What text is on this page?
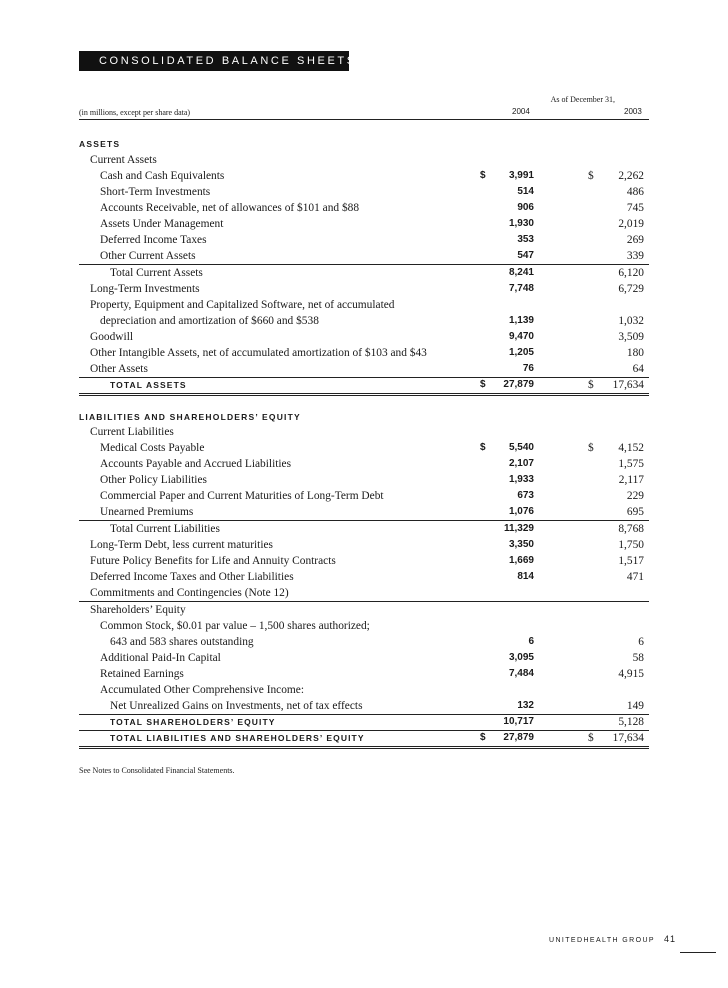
CONSOLIDATED BALANCE SHEETS
As of December 31,
(in millions, except per share data)	2004	2003
ASSETS
Current Assets
Cash and Cash Equivalents	$ 3,991	$ 2,262
Short-Term Investments	514	486
Accounts Receivable, net of allowances of $101 and $88	906	745
Assets Under Management	1,930	2,019
Deferred Income Taxes	353	269
Other Current Assets	547	339
Total Current Assets	8,241	6,120
Long-Term Investments	7,748	6,729
Property, Equipment and Capitalized Software, net of accumulated
depreciation and amortization of $660 and $538	1,139	1,032
Goodwill	9,470	3,509
Other Intangible Assets, net of accumulated amortization of $103 and $43	1,205	180
Other Assets	76	64
TOTAL ASSETS	$ 27,879	$ 17,634
LIABILITIES AND SHAREHOLDERS’ EQUITY
Current Liabilities
Medical Costs Payable	$ 5,540	$ 4,152
Accounts Payable and Accrued Liabilities	2,107	1,575
Other Policy Liabilities	1,933	2,117
Commercial Paper and Current Maturities of Long-Term Debt	673	229
Unearned Premiums	1,076	695
Total Current Liabilities	11,329	8,768
Long-Term Debt, less current maturities	3,350	1,750
Future Policy Benefits for Life and Annuity Contracts	1,669	1,517
Deferred Income Taxes and Other Liabilities	814	471
Commitments and Contingencies (Note 12)
Shareholders’ Equity
Common Stock, $0.01 par value – 1,500 shares authorized;
643 and 583 shares outstanding	6	6
Additional Paid-In Capital	3,095	58
Retained Earnings	7,484	4,915
Accumulated Other Comprehensive Income:
Net Unrealized Gains on Investments, net of tax effects	132	149
TOTAL SHAREHOLDERS’ EQUITY	10,717	5,128
TOTAL LIABILITIES AND SHAREHOLDERS’ EQUITY	$ 27,879	$ 17,634
See Notes to Consolidated Financial Statements.
UNITEDHEALTH GROUP 41
